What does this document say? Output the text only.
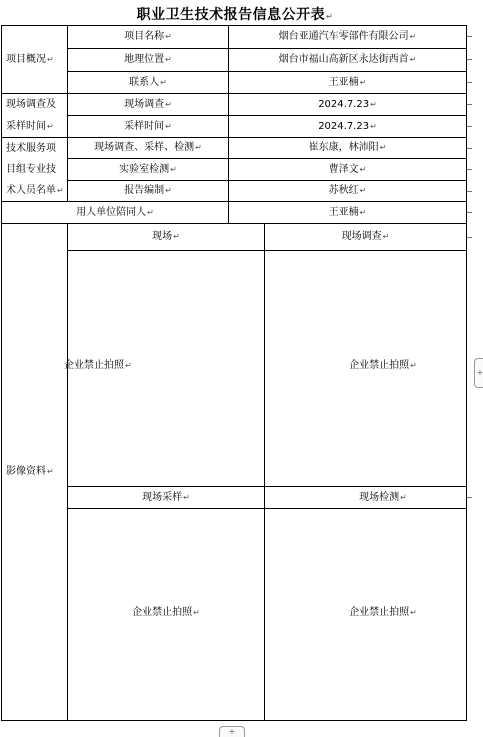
职业卫生技术报告信息公开表↵
项目概况 ↵
项目名称 ↵	烟台亚通汽车零部件有限公司 ↵
地理位置 ↵	烟台市福山高新区永达街西首 ↵
联系人 ↵	王亚楠 ↵
现场调查及
采样时间↵
现场调查 ↵	2024.7.23 ↵
采样时间 ↵	2024.7.23 ↵
技术服务项
目组专业技
术人员名单↵
现场调查、采样、检测 ↵	崔东康，林沛阳 ↵
实验室检测 ↵	曹泽文 ↵
报告编制 ↵	苏秋红 ↵
用人单位陪同人 ↵	王亚楠 ↵
影像资料 ↵
现场 ↵	现场调查 ↵
企业禁止拍照 ↵	企业禁止拍照 ↵
现场采样 ↵	现场检测 ↵
企业禁止拍照 ↵	企业禁止拍照 ↵
+
+
